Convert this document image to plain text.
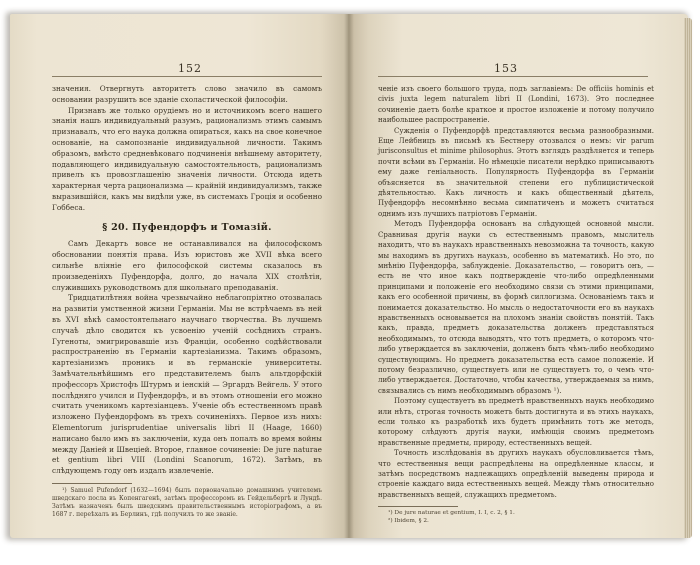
152

значения. Отвергнуть авторитетъ слово значило въ самомъ основании разрушить все зданіе схоластической философіи.

Признавъ же только орудіемъ но и источникомъ всего нашего знанія нашъ индивидуальный разумъ, рационализмъ этимъ самымъ признавалъ, что его наука должна опираться, какъ на свое конечное основаніе, на самопознаніе индивидуальной личности. Такимъ образомъ, вмѣсто средневѣковаго подчиненія внѣшнему авторитету, подавляющего индивидуальную самостоятельность, рационализмъ привелъ къ провозглашенію значенія личности. Отсюда идетъ характерная черта рационализма — крайній индивидуализмъ, также выразившійся, какъ мы видѣли уже, въ системахъ Гроція и особенно Гоббеса.

§ 20. Пуфендорфъ и Томазій.

Самъ Декартъ вовсе не останавливался на философскомъ обосновании понятія права. Изъ юристовъ же XVII вѣка всего сильнѣе вліяніе его философской системы сказалось въ произведеніяхъ Пуфендорфа, долго, до начала XIX столѣтія, служившихъ руководствомъ для школьнаго преподаванія.

Тридцатилѣтняя война чрезвычайно неблагопріятно отозвалась на развитіи умственной жизни Германіи. Мы не встрѣчаемъ въ ней въ XVI вѣкѣ самостоятельнаго научнаго творчества. Въ лучшемъ случаѣ дѣло сводится къ усвоенію ученій сосѣднихъ странъ. Гугеноты, эмигрировавшіе изъ Франціи, особенно содѣйствовали распространенію въ Германіи картезіанизма. Такимъ образомъ, картезіанизмъ проникъ и въ германскіе университеты. Замѣчательнѣйшимъ его представителемъ былъ альтдорфскій профессоръ Христофъ Штурмъ и іенскій — Эргардъ Вейгель. У этого послѣдняго учился и Пуфендорфъ, и въ этомъ отношеніи его можно считать ученикомъ картезіанцевъ. Ученіе объ естественномъ правѣ изложено Пуфендорфомъ въ трехъ сочиненіяхъ. Первое изъ нихъ: Elementorum jurisprudentiae universalis libri II (Haage, 1660) написано было имъ въ заключеніи, куда онъ попалъ во время войны между Даніей и Швеціей. Второе, главное сочиненіе: De jure naturae et gentium libri VIII (Londini Scanorum, 1672). Затѣмъ, въ слѣдующемъ году онъ издалъ извлеченіе.

¹) Samuel Pufendorf (1632—1694) былъ первоначально домашнимъ учителемъ шведскаго посла въ Копенгагенѣ, затѣмъ профессоромъ въ Гейдельбергѣ и Лундѣ. Затѣмъ назначенъ былъ шведскимъ правительственнымъ исторіографомъ, а въ 1687 г. переѣхалъ въ Берлинъ, гдѣ получилъ то же званіе.

153

ченіе изъ своего большого труда, подъ заглавіемъ: De officiis hominis et civis juxta legem naturalem libri II (Londini, 1673). Это последнее сочиненіе даетъ болѣе краткое и простое изложеніе и потому получило наибольшее распространеніе.

Сужденія о Пуфендорфѣ представляются весьма разнообразными. Еще Лейбницъ въ письмѣ къ Бестнеру отозвался о немъ: vir parum jurisconsultus et minime philosophus. Этотъ взглядъ раздѣляется и теперь почти всѣми въ Германіи. Но нѣмецкіе писатели нерѣдко приписываютъ ему даже геніальность. Популярность Пуфендорфа въ Германіи объясняется въ значительной степени его публицистической дѣятельностью. Какъ личность и какъ общественный дѣятель, Пуфендорфъ несомнѣнно весьма симпатиченъ и можетъ считаться однимъ изъ лучшихъ патріотовъ Германіи.

Методъ Пуфендорфа основанъ на слѣдующей основной мысли. Сравнивая другія науки съ естественнымъ правомъ, мыслитель находитъ, что въ наукахъ нравственныхъ невозможна та точность, какую мы находимъ въ другихъ науказъ, особенно въ математикѣ. Но это, по мнѣнію Пуфендорфа, заблужденіе. Доказательство, — говоритъ онъ, — есть не что иное какъ подтвержденіе что-либо опредѣленными принципами и положеніе его необходимо связи съ этими принципами, какъ его особенной причины, въ формѣ силлогизма. Основаніемъ такъ и понимается доказательство. Но мысль о недостаточности его въ наукахъ нравственныхъ основывается на плохомъ знаніи свойствъ понятій. Такъ какъ, правда, предметъ доказательства долженъ представляться необходимымъ, то отсюда выводятъ, что тотъ предметъ, о которомъ что-либо утверждается въ заключеніи, долженъ быть чѣмъ-либо необходимо существующимъ. Но предметъ доказательства есть самое положеніе. И потому безразлично, существуетъ или не существуетъ то, о чемъ что-либо утверждается. Достаточно, чтобы качества, утверждаемыя за нимъ, связывались съ нимъ необходимымъ образомъ ¹).

Поэтому существуетъ въ предметѣ нравственныхъ наукъ необходимо или нѣтъ, строгая точность можетъ быть достигнута и въ этихъ наукахъ, если только къ разработкѣ ихъ будетъ примѣнить тотъ же методъ, которому слѣдуютъ другія науки, имѣющія своимъ предметомъ нравственные предметы, природу, естественныхъ вещей.

Точность изслѣдованія въ другихъ наукахъ обусловливается тѣмъ, что естественныя вещи распредѣлены на опредѣленные классы, и затѣмъ посредствомъ надлежащихъ опредѣленій выведены природа и строеніе каждаго вида естественныхъ вещей. Между тѣмъ относительно нравственныхъ вещей, служащихъ предметомъ.

¹) De jure naturae et gentium, I. I, c. 2, § 1.

²) Ibidem, § 2.
